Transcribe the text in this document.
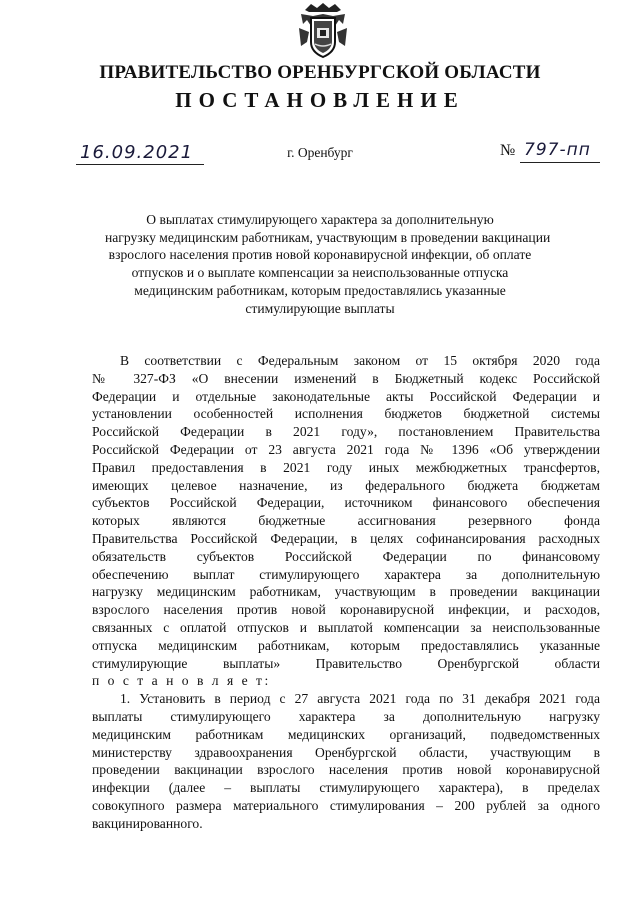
ПРАВИТЕЛЬСТВО ОРЕНБУРГСКОЙ ОБЛАСТИ
ПОСТАНОВЛЕНИЕ
16.09.2021	г. Оренбург	№ 797-пп
О выплатах стимулирующего характера за дополнительную
нагрузку медицинским работникам, участвующим в проведении вакцинации
взрослого населения против новой коронавирусной инфекции, об оплате
отпусков и о выплате компенсации за неиспользованные отпуска
медицинским работникам, которым предоставлялись указанные
стимулирующие выплаты
В соответствии с Федеральным законом от 15 октября 2020 года
№ 327-ФЗ «О внесении изменений в Бюджетный кодекс Российской
Федерации и отдельные законодательные акты Российской Федерации и
установлении особенностей исполнения бюджетов бюджетной системы
Российской Федерации в 2021 году», постановлением Правительства
Российской Федерации от 23 августа 2021 года № 1396 «Об утверждении
Правил предоставления в 2021 году иных межбюджетных трансфертов,
имеющих целевое назначение, из федерального бюджета бюджетам
субъектов Российской Федерации, источником финансового обеспечения
которых являются бюджетные ассигнования резервного фонда
Правительства Российской Федерации, в целях софинансирования расходных
обязательств субъектов Российской Федерации по финансовому
обеспечению выплат стимулирующего характера за дополнительную
нагрузку медицинским работникам, участвующим в проведении вакцинации
взрослого населения против новой коронавирусной инфекции, и расходов,
связанных с оплатой отпусков и выплатой компенсации за неиспользованные
отпуска медицинским работникам, которым предоставлялись указанные
стимулирующие выплаты» Правительство Оренбургской области
п о с т а н о в л я е т:
1. Установить в период с 27 августа 2021 года по 31 декабря 2021 года
выплаты стимулирующего характера за дополнительную нагрузку
медицинским работникам медицинских организаций, подведомственных
министерству здравоохранения Оренбургской области, участвующим в
проведении вакцинации взрослого населения против новой коронавирусной
инфекции (далее – выплаты стимулирующего характера), в пределах
совокупного размера материального стимулирования – 200 рублей за одного
вакцинированного.
